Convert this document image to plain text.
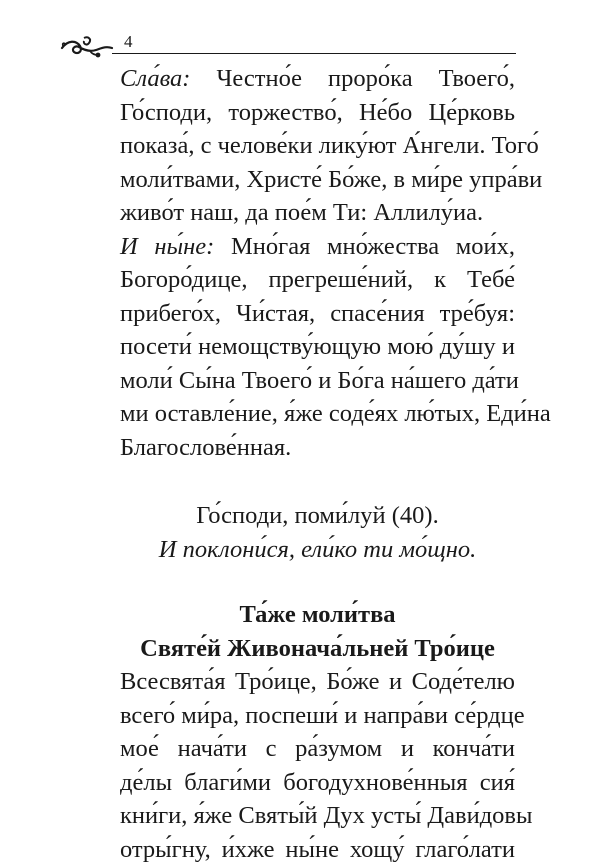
4
Сла́ва: Честно́е проро́ка Твоего́,
Го́споди, торжество́, Не́бо Це́рковь
показа́, с челове́ки лику́ют А́нгели. Того́
моли́твами, Христе́ Бо́же, в ми́ре упра́ви
живо́т наш, да пое́м Ти: Аллилу́иа.
И ны́не: Мно́гая мно́жества мои́х,
Богоро́дице, прегреше́ний, к Тебе́
прибего́х, Чи́стая, спасе́ния тре́буя:
посети́ немощству́ющую мою́ ду́шу и
моли́ Сы́на Твоего́ и Бо́га на́шего да́ти
ми оставле́ние, я́же соде́ях лю́тых, Еди́на
Благослове́нная.
Го́споди, поми́луй (40).
И поклони́ся, ели́ко ти мо́щно.
Та́же моли́тва
Святе́й Живонача́льней Тро́ице
Всесвята́я Тро́ице, Бо́же и Соде́телю
всего́ ми́ра, поспеши́ и напра́ви се́рдце
мое́ нача́ти с ра́зумом и конча́ти
де́лы благи́ми богодухнове́нныя сия́
кни́ги, я́же Святы́й Дух усты́ Дави́довы
отры́гну, и́хже ны́не хощу́ глаго́лати
